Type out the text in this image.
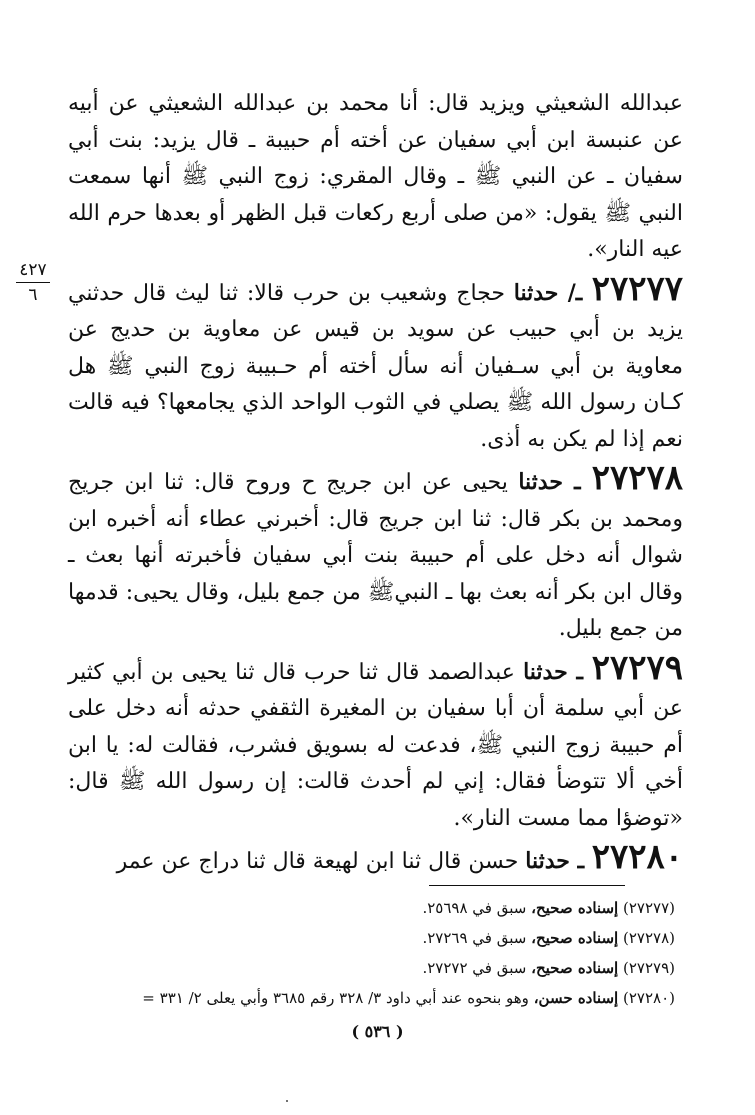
٤٢٧
٦

عبدالله الشعيثي ويزيد قال: أنا محمد بن عبدالله الشعيثي عن أبيه عن عنبسة ابن أبي سفيان عن أخته أم حبيبة ـ قال يزيد: بنت أبي سفيان ـ عن النبي ﷺ ـ وقال المقري: زوج النبي ﷺ أنها سمعت النبي ﷺ يقول: «من صلى أربع ركعات قبل الظهر أو بعدها حرم الله عيه النار».

٢٧٢٧٧ ـ/ حدثنا حجاج وشعيب بن حرب قالا: ثنا ليث قال حدثني يزيد بن أبي حبيب عن سويد بن قيس عن معاوية بن حديج عن معاوية بن أبي سـفيان أنه سأل أخته أم حـبيبة زوج النبي ﷺ هل كـان رسول الله ﷺ يصلي في الثوب الواحد الذي يجامعها؟ فيه قالت نعم إذا لم يكن به أذى.

٢٧٢٧٨ ـ حدثنا يحيى عن ابن جريج ح وروح قال: ثنا ابن جريج ومحمد بن بكر قال: ثنا ابن جريج قال: أخبرني عطاء أنه أخبره ابن شوال أنه دخل على أم حبيبة بنت أبي سفيان فأخبرته أنها بعث ـ وقال ابن بكر أنه بعث بها ـ النبيﷺ من جمع بليل، وقال يحيى: قدمها من جمع بليل.

٢٧٢٧٩ ـ حدثنا عبدالصمد قال ثنا حرب قال ثنا يحيى بن أبي كثير عن أبي سلمة أن أبا سفيان بن المغيرة الثقفي حدثه أنه دخل على أم حبيبة زوج النبي ﷺ، فدعت له بسويق فشرب، فقالت له: يا ابن أخي ألا تتوضأ فقال: إني لم أحدث قالت: إن رسول الله ﷺ قال: «توضؤا مما مست النار».

٢٧٢٨٠ ـ حدثنا حسن قال ثنا ابن لهيعة قال ثنا دراج عن عمر

(٢٧٢٧٧) إسناده صحيح، سبق في ٢٥٦٩٨.
(٢٧٢٧٨) إسناده صحيح، سبق في ٢٧٢٦٩.
(٢٧٢٧٩) إسناده صحيح، سبق في ٢٧٢٧٢.
(٢٧٢٨٠) إسناده حسن، وهو بنحوه عند أبي داود ٣/ ٣٢٨ رقم ٣٦٨٥ وأبي يعلى ٢/ ٣٣١ =
( ٥٣٦ )
